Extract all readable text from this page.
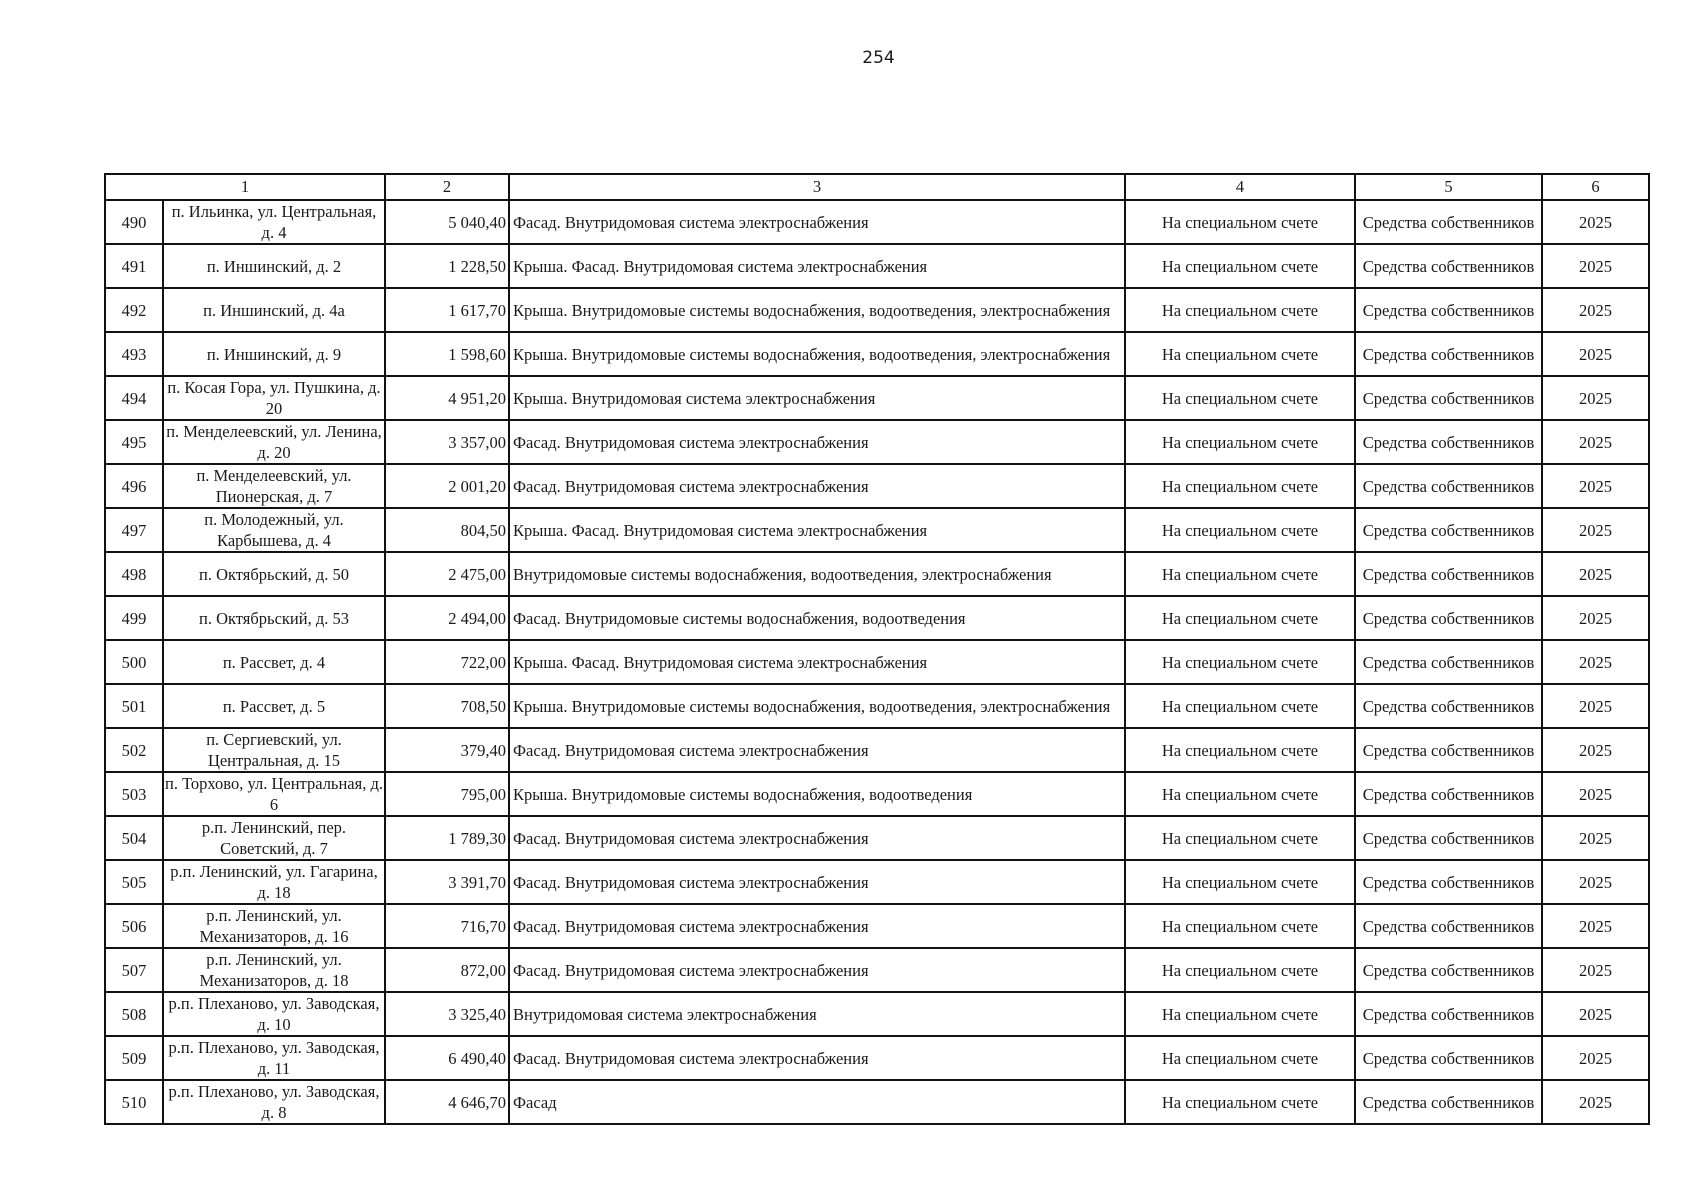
254
1		2	3	4	5	6
490	п. Ильинка, ул. Центральная, д. 4	5 040,40	Фасад. Внутридомовая система электроснабжения	На специальном счете	Средства собственников	2025
491	п. Иншинский, д. 2	1 228,50	Крыша. Фасад. Внутридомовая система электроснабжения	На специальном счете	Средства собственников	2025
492	п. Иншинский, д. 4а	1 617,70	Крыша. Внутридомовые системы водоснабжения, водоотведения, электроснабжения	На специальном счете	Средства собственников	2025
493	п. Иншинский, д. 9	1 598,60	Крыша. Внутридомовые системы водоснабжения, водоотведения, электроснабжения	На специальном счете	Средства собственников	2025
494	п. Косая Гора, ул. Пушкина, д. 20	4 951,20	Крыша. Внутридомовая система электроснабжения	На специальном счете	Средства собственников	2025
495	п. Менделеевский, ул. Ленина, д. 20	3 357,00	Фасад. Внутридомовая система электроснабжения	На специальном счете	Средства собственников	2025
496	п. Менделеевский, ул. Пионерская, д. 7	2 001,20	Фасад. Внутридомовая система электроснабжения	На специальном счете	Средства собственников	2025
497	п. Молодежный, ул. Карбышева, д. 4	804,50	Крыша. Фасад. Внутридомовая система электроснабжения	На специальном счете	Средства собственников	2025
498	п. Октябрьский, д. 50	2 475,00	Внутридомовые системы водоснабжения, водоотведения, электроснабжения	На специальном счете	Средства собственников	2025
499	п. Октябрьский, д. 53	2 494,00	Фасад. Внутридомовые системы водоснабжения, водоотведения	На специальном счете	Средства собственников	2025
500	п. Рассвет, д. 4	722,00	Крыша. Фасад. Внутридомовая система электроснабжения	На специальном счете	Средства собственников	2025
501	п. Рассвет, д. 5	708,50	Крыша. Внутридомовые системы водоснабжения, водоотведения, электроснабжения	На специальном счете	Средства собственников	2025
502	п. Сергиевский, ул. Центральная, д. 15	379,40	Фасад. Внутридомовая система электроснабжения	На специальном счете	Средства собственников	2025
503	п. Торхово, ул. Центральная, д. 6	795,00	Крыша. Внутридомовые системы водоснабжения, водоотведения	На специальном счете	Средства собственников	2025
504	р.п. Ленинский, пер. Советский, д. 7	1 789,30	Фасад. Внутридомовая система электроснабжения	На специальном счете	Средства собственников	2025
505	р.п. Ленинский, ул. Гагарина, д. 18	3 391,70	Фасад. Внутридомовая система электроснабжения	На специальном счете	Средства собственников	2025
506	р.п. Ленинский, ул. Механизаторов, д. 16	716,70	Фасад. Внутридомовая система электроснабжения	На специальном счете	Средства собственников	2025
507	р.п. Ленинский, ул. Механизаторов, д. 18	872,00	Фасад. Внутридомовая система электроснабжения	На специальном счете	Средства собственников	2025
508	р.п. Плеханово, ул. Заводская, д. 10	3 325,40	Внутридомовая система электроснабжения	На специальном счете	Средства собственников	2025
509	р.п. Плеханово, ул. Заводская, д. 11	6 490,40	Фасад. Внутридомовая система электроснабжения	На специальном счете	Средства собственников	2025
510	р.п. Плеханово, ул. Заводская, д. 8	4 646,70	Фасад	На специальном счете	Средства собственников	2025
